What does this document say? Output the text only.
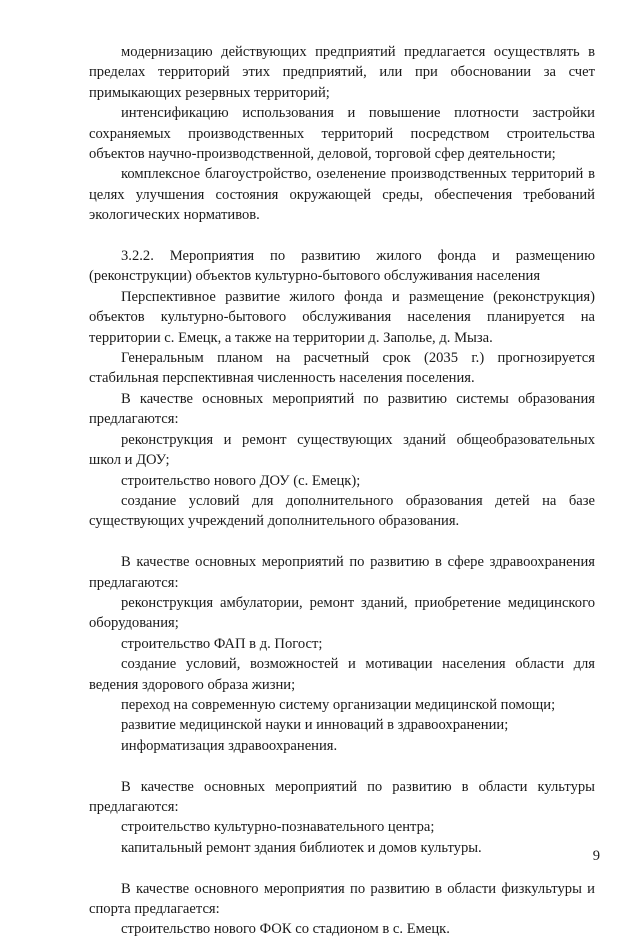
модернизацию действующих предприятий предлагается осуществлять в пределах территорий этих предприятий, или при обосновании за счет примыкающих резервных территорий;

интенсификацию использования и повышение плотности застройки сохраняемых производственных территорий посредством строительства объектов научно-производственной, деловой, торговой сфер деятельности;

комплексное благоустройство, озеленение производственных территорий в целях улучшения состояния окружающей среды, обеспечения требований экологических нормативов.

3.2.2. Мероприятия по развитию жилого фонда и размещению (реконструкции) объектов культурно-бытового обслуживания населения

Перспективное развитие жилого фонда и размещение (реконструкция) объектов культурно-бытового обслуживания населения планируется на территории с. Емецк, а также на территории д. Заполье, д. Мыза.

Генеральным планом на расчетный срок (2035 г.) прогнозируется стабильная перспективная численность населения поселения.

В качестве основных мероприятий по развитию системы образования предлагаются:

реконструкция и ремонт существующих зданий общеобразовательных школ и ДОУ;

строительство нового ДОУ (с. Емецк);

создание условий для дополнительного образования детей на базе существующих учреждений дополнительного образования.

В качестве основных мероприятий по развитию в сфере здравоохранения предлагаются:

реконструкция амбулатории, ремонт зданий, приобретение медицинского оборудования;

строительство ФАП в д. Погост;

создание условий, возможностей и мотивации населения области для ведения здорового образа жизни;

переход на современную систему организации медицинской помощи;

развитие медицинской науки и инноваций в здравоохранении;

информатизация здравоохранения.

В качестве основных мероприятий по развитию в области культуры предлагаются:

строительство культурно-познавательного центра;

капитальный ремонт здания библиотек и домов культуры.

В качестве основного мероприятия по развитию в области физкультуры и спорта предлагается:

строительство нового ФОК со стадионом в с. Емецк.

9
